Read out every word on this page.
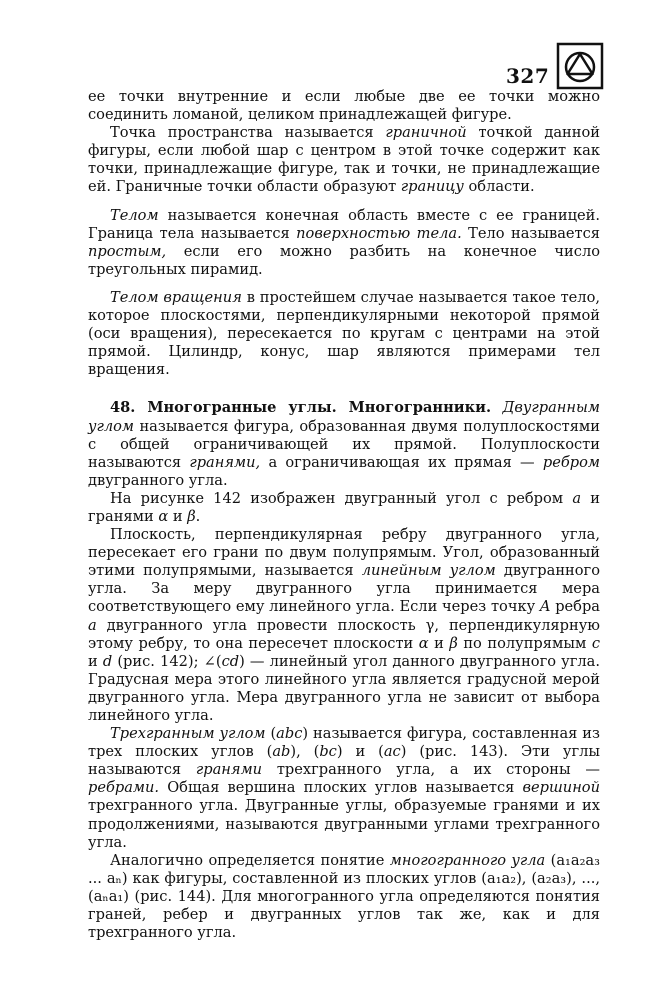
327

ее точки внутренние и если любые две ее точки можно соединить ломаной, целиком принадлежащей фигуре.

Точка пространства называется граничной точкой данной фигуры, если любой шар с центром в этой точке содержит как точки, принадлежащие фигуре, так и точки, не принадлежащие ей. Граничные точки области образуют границу области.

Телом называется конечная область вместе с ее границей. Граница тела называется поверхностью тела. Тело называется простым, если его можно разбить на конечное число треугольных пирамид.

Телом вращения в простейшем случае называется такое тело, которое плоскостями, перпендикулярными некоторой прямой (оси вращения), пересекается по кругам с центрами на этой прямой. Цилиндр, конус, шар являются примерами тел вращения.

48. Многогранные углы. Многогранники. Двугранным углом называется фигура, образованная двумя полуплоскостями с общей ограничивающей их прямой. Полуплоскости называются гранями, а ограничивающая их прямая — ребром двугранного угла.

На рисунке 142 изображен двугранный угол с ребром a и гранями α и β.

Плоскость, перпендикулярная ребру двугранного угла, пересекает его грани по двум полупрямым. Угол, образованный этими полупрямыми, называется линейным углом двугранного угла. За меру двугранного угла принимается мера соответствующего ему линейного угла. Если через точку A ребра a двугранного угла провести плоскость γ, перпендикулярную этому ребру, то она пересечет плоскости α и β по полупрямым c и d (рис. 142); ∠(cd) — линейный угол данного двугранного угла. Градусная мера этого линейного угла является градусной мерой двугранного угла. Мера двугранного угла не зависит от выбора линейного угла.

Трехгранным углом (abc) называется фигура, составленная из трех плоских углов (ab), (bc) и (ac) (рис. 143). Эти углы называются гранями трехгранного угла, а их стороны — ребрами. Общая вершина плоских углов называется вершиной трехгранного угла. Двугранные углы, образуемые гранями и их продолжениями, называются двугранными углами трехгранного угла.

Аналогично определяется понятие многогранного угла (a₁a₂a₃ ... aₙ) как фигуры, составленной из плоских углов (a₁a₂), (a₂a₃), ..., (aₙa₁) (рис. 144). Для многогранного угла определяются понятия граней, ребер и двугранных углов так же, как и для трехгранного угла.
